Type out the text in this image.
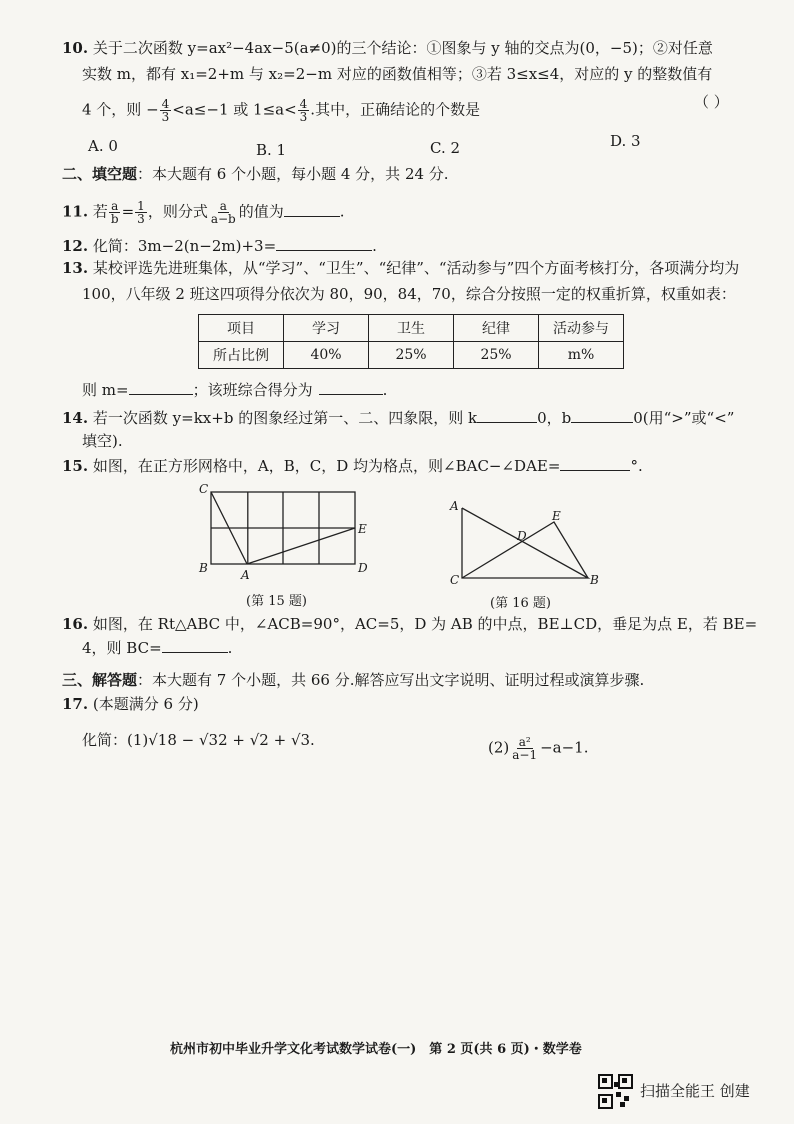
10. 关于二次函数 y=ax²−4ax−5(a≠0)的三个结论：①图象与 y 轴的交点为(0，−5)；②对任意
实数 m，都有 x₁=2+m 与 x₂=2−m 对应的函数值相等；③若 3≤x≤4，对应的 y 的整数值有
4 个，则 − $\frac{4}{3} <a\le-1$ 或 $1\le a< \frac{4}{3}$ .其中，正确结论的个数是	（ ）
A. 0	B. 1	C. 2	D. 3
二、填空题：本大题有 6 个小题，每小题 4 分，共 24 分.
11. 若 $\frac{a}{b} = \frac{1}{3}$ ，则分式 $\frac{a}{a-b}$ 的值为	.
12. 化简：3m−2(n−2m)+3=	.
13. 某校评选先进班集体，从“学习”、“卫生”、“纪律”、“活动参与”四个方面考核打分，各项满分均为
100，八年级 2 班这四项得分依次为 80，90，84，70，综合分按照一定的权重折算，权重如表：
项目	学习	卫生	纪律	活动参与
所占比例	40%	25%	25%	m%
则 m=	；该班综合得分为	.
14. 若一次函数 y=kx+b 的图象经过第一、二、四象限，则 k	0，b	0(用“>”或“<”
填空).
15. 如图，在正方形网格中，A，B，C，D 均为格点，则∠BAC−∠DAE=	°.
C
B	A
E
D
(第 15 题)
A
C	B
D
E
(第 16 题)
16. 如图，在 Rt△ABC 中，∠ACB=90°，AC=5，D 为 AB 的中点，BE⊥CD，垂足为点 E，若 BE=
4，则 BC=	.
三、解答题：本大题有 7 个小题，共 66 分.解答应写出文字说明、证明过程或演算步骤.
17. (本题满分 6 分)
化简：(1)√18 − √32 + √2 + √3.	$(2) \frac{\text{a²}}{a-1} -a-1$.
杭州市初中毕业升学文化考试数学试卷(一)　第 2 页(共 6 页)・数学卷
扫描全能王 创建
